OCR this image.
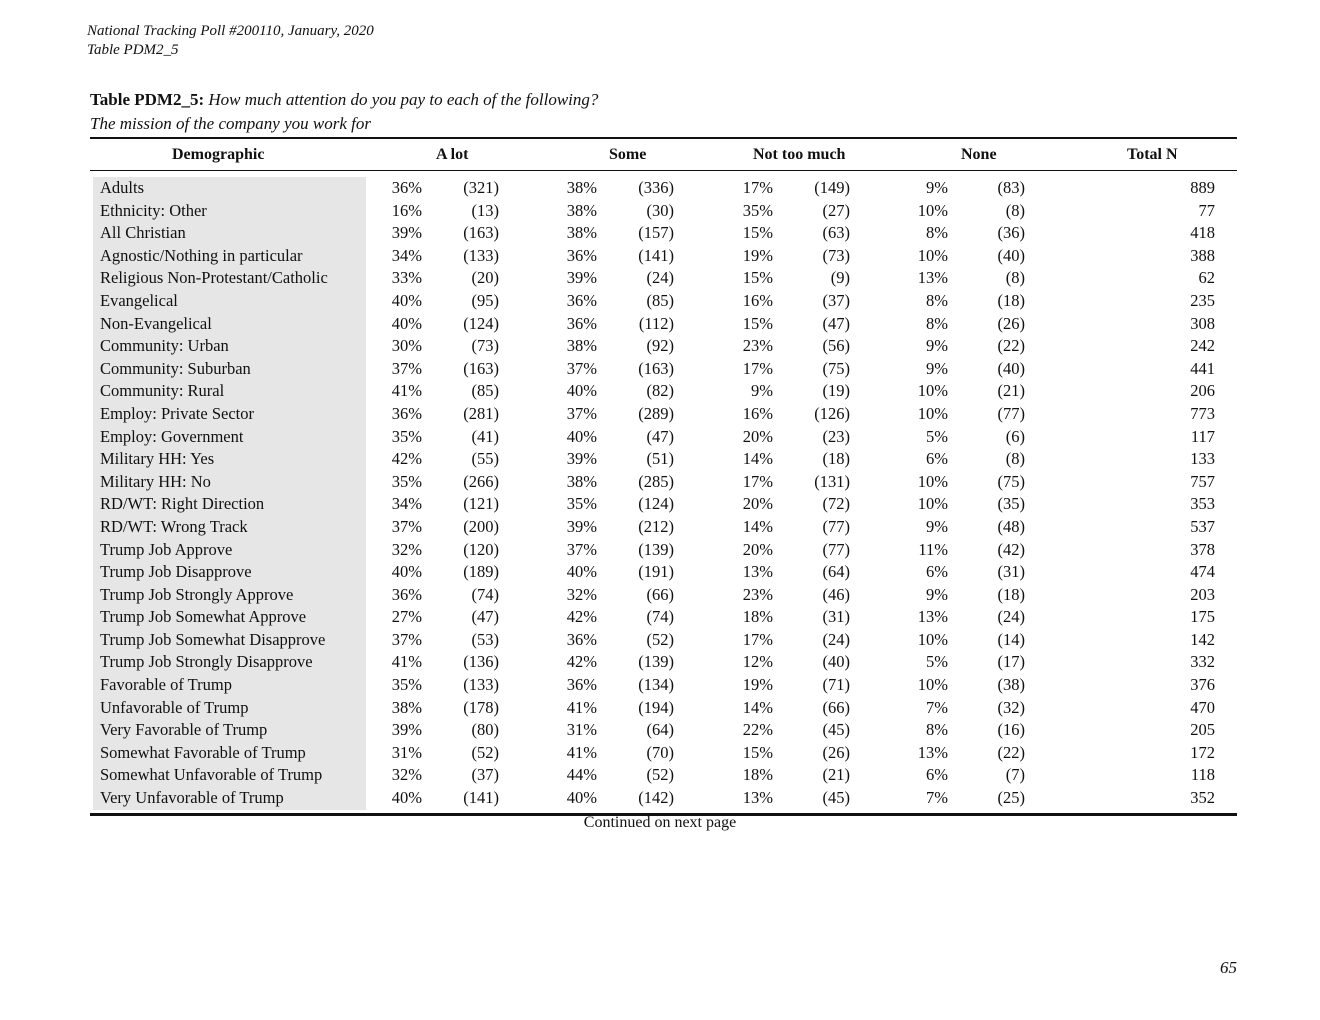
National Tracking Poll #200110, January, 2020
Table PDM2_5
Table PDM2_5: How much attention do you pay to each of the following?
The mission of the company you work for
Demographic	A lot	Some	Not too much	None	Total N
Adults	36%	(321)	38%	(336)	17%	(149)	9%	(83)	889
Ethnicity: Other	16%	(13)	38%	(30)	35%	(27)	10%	(8)	77
All Christian	39%	(163)	38%	(157)	15%	(63)	8%	(36)	418
Agnostic/Nothing in particular	34%	(133)	36%	(141)	19%	(73)	10%	(40)	388
Religious Non-Protestant/Catholic	33%	(20)	39%	(24)	15%	(9)	13%	(8)	62
Evangelical	40%	(95)	36%	(85)	16%	(37)	8%	(18)	235
Non-Evangelical	40%	(124)	36%	(112)	15%	(47)	8%	(26)	308
Community: Urban	30%	(73)	38%	(92)	23%	(56)	9%	(22)	242
Community: Suburban	37%	(163)	37%	(163)	17%	(75)	9%	(40)	441
Community: Rural	41%	(85)	40%	(82)	9%	(19)	10%	(21)	206
Employ: Private Sector	36%	(281)	37%	(289)	16%	(126)	10%	(77)	773
Employ: Government	35%	(41)	40%	(47)	20%	(23)	5%	(6)	117
Military HH: Yes	42%	(55)	39%	(51)	14%	(18)	6%	(8)	133
Military HH: No	35%	(266)	38%	(285)	17%	(131)	10%	(75)	757
RD/WT: Right Direction	34%	(121)	35%	(124)	20%	(72)	10%	(35)	353
RD/WT: Wrong Track	37%	(200)	39%	(212)	14%	(77)	9%	(48)	537
Trump Job Approve	32%	(120)	37%	(139)	20%	(77)	11%	(42)	378
Trump Job Disapprove	40%	(189)	40%	(191)	13%	(64)	6%	(31)	474
Trump Job Strongly Approve	36%	(74)	32%	(66)	23%	(46)	9%	(18)	203
Trump Job Somewhat Approve	27%	(47)	42%	(74)	18%	(31)	13%	(24)	175
Trump Job Somewhat Disapprove	37%	(53)	36%	(52)	17%	(24)	10%	(14)	142
Trump Job Strongly Disapprove	41%	(136)	42%	(139)	12%	(40)	5%	(17)	332
Favorable of Trump	35%	(133)	36%	(134)	19%	(71)	10%	(38)	376
Unfavorable of Trump	38%	(178)	41%	(194)	14%	(66)	7%	(32)	470
Very Favorable of Trump	39%	(80)	31%	(64)	22%	(45)	8%	(16)	205
Somewhat Favorable of Trump	31%	(52)	41%	(70)	15%	(26)	13%	(22)	172
Somewhat Unfavorable of Trump	32%	(37)	44%	(52)	18%	(21)	6%	(7)	118
Very Unfavorable of Trump	40%	(141)	40%	(142)	13%	(45)	7%	(25)	352
Continued on next page
65
